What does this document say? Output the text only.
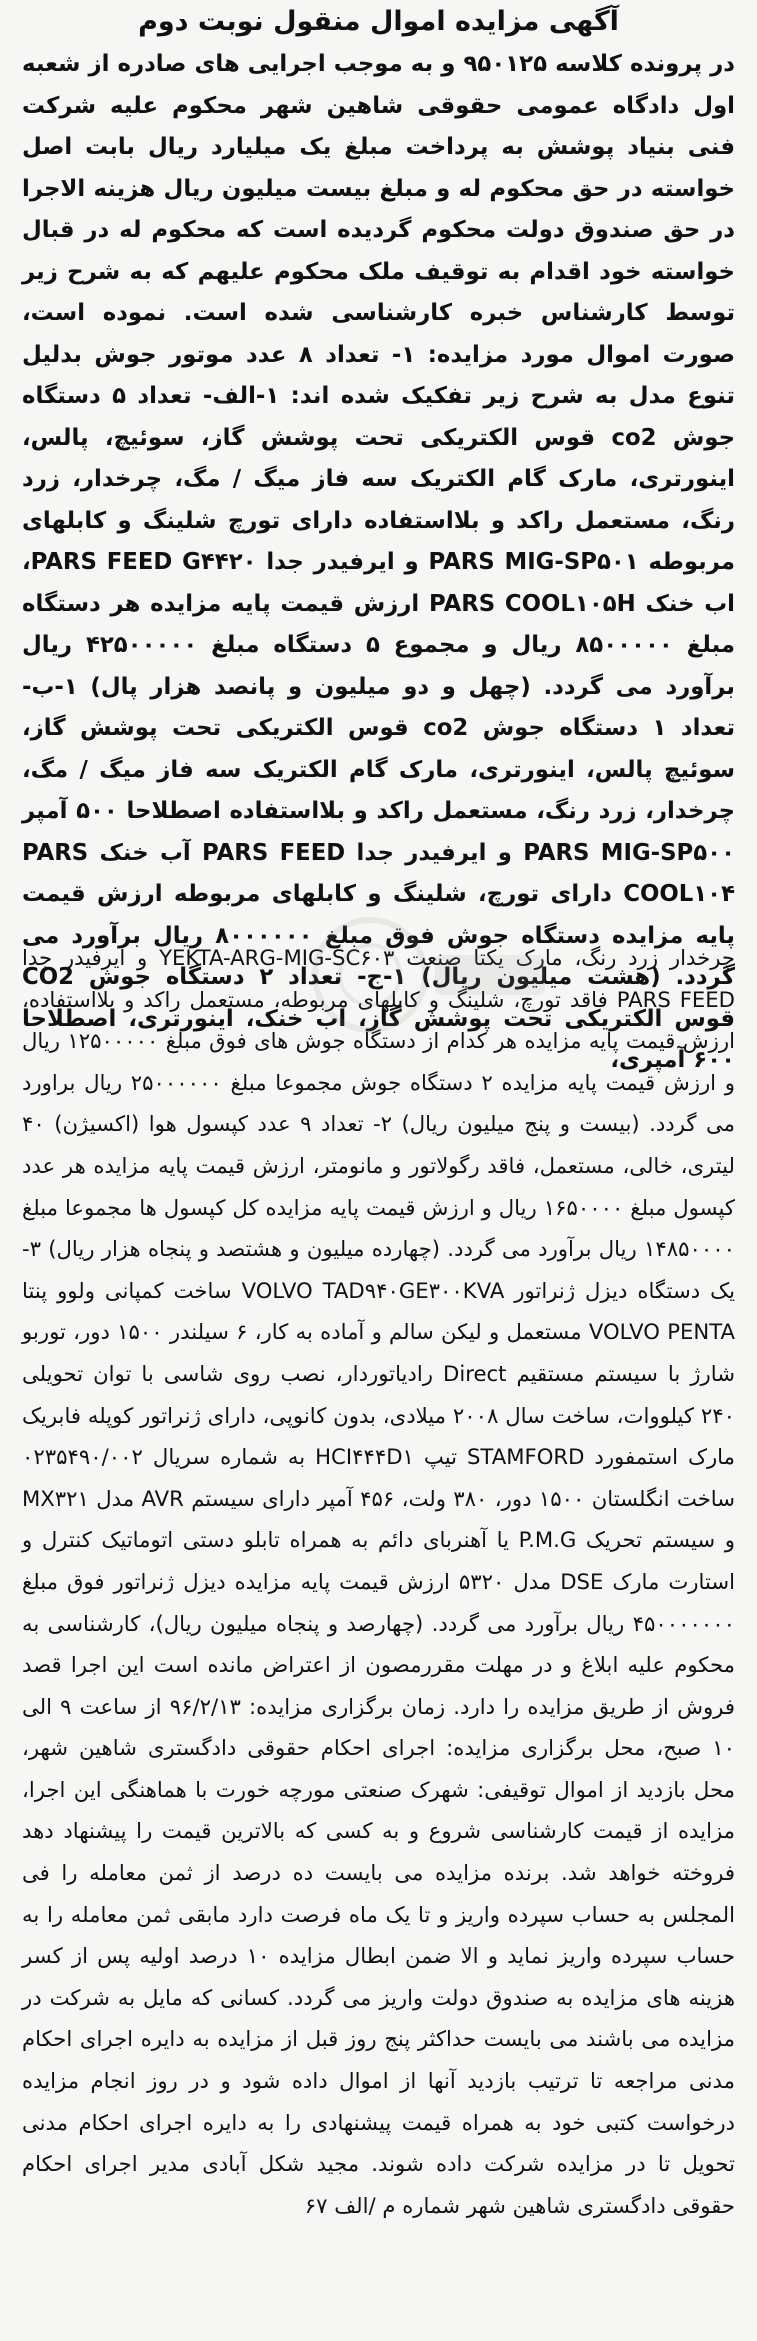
آگهی مزایده اموال منقول نوبت دوم

در پرونده کلاسه ۹۵۰۱۲۵ و به موجب اجرایی های صادره از شعبه اول دادگاه عمومی حقوقی شاهین شهر محکوم علیه شرکت فنی بنیاد پوشش به پرداخت مبلغ یک میلیارد ریال بابت اصل خواسته در حق محکوم له و مبلغ بیست میلیون ریال هزینه الاجرا در حق صندوق دولت محکوم گردیده است که محکوم له در قبال خواسته خود اقدام به توقیف ملک محکوم علیهم که به شرح زیر توسط کارشناس خبره کارشناسی شده است. نموده است، صورت اموال مورد مزایده: ۱- تعداد ۸ عدد موتور جوش بدلیل تنوع مدل به شرح زیر تفکیک شده اند: ۱-الف- تعداد ۵ دستگاه جوش co2 قوس الکتریکی تحت پوشش گاز، سوئیچ، پالس، اینورتری، مارک گام الکتریک سه فاز میگ / مگ، چرخدار، زرد رنگ، مستعمل راکد و بلااستفاده دارای تورچ شلینگ و کابلهای مربوطه PARS MIG-SP۵۰۱ و ایرفیدر جدا PARS FEED G۴۴۲۰، اب خنک PARS COOL۱۰۵H ارزش قیمت پایه مزایده هر دستگاه مبلغ ۸۵۰۰۰۰۰ ریال و مجموع ۵ دستگاه مبلغ ۴۲۵۰۰۰۰۰ ریال برآورد می گردد. (چهل و دو میلیون و پانصد هزار پال) ۱-ب- تعداد ۱ دستگاه جوش co2 قوس الکتریکی تحت پوشش گاز، سوئیچ پالس، اینورتری، مارک گام الکتریک سه فاز میگ / مگ، چرخدار، زرد رنگ، مستعمل راکد و بلااستفاده اصطلاحا ۵۰۰ آمپر PARS MIG-SP۵۰۰ و ایرفیدر جدا PARS FEED آب خنک PARS COOL۱۰۴ دارای تورچ، شلینگ و کابلهای مربوطه ارزش قیمت پایه مزایده دستگاه جوش فوق مبلغ ۸۰۰۰۰۰۰ ریال برآورد می گردد. (هشت میلیون ریال) ۱-ج- تعداد ۲ دستگاه جوش CO2 قوس الکتریکی تحت پوشش گاز، اب خنک، اینورتری، اصطلاحا ۶۰۰ آمپری،

چرخدار زرد رنگ، مارک یکتا صنعت YEKTA-ARG-MIG-SC۶۰۳ و ایرفیدر جدا PARS FEED فاقد تورچ، شلینگ و کابلهای مربوطه، مستعمل راکد و بلااستفاده، ارزش قیمت پایه مزایده هر کدام از دستگاه جوش های فوق مبلغ ۱۲۵۰۰۰۰۰ ریال و ارزش قیمت پایه مزایده ۲ دستگاه جوش مجموعا مبلغ ۲۵۰۰۰۰۰۰ ریال براورد می گردد. (بیست و پنج میلیون ریال) ۲- تعداد ۹ عدد کپسول هوا (اکسیژن) ۴۰ لیتری، خالی، مستعمل، فاقد رگولاتور و مانومتر، ارزش قیمت پایه مزایده هر عدد کپسول مبلغ ۱۶۵۰۰۰۰ ریال و ارزش قیمت پایه مزایده کل کپسول ها مجموعا مبلغ ۱۴۸۵۰۰۰۰ ریال برآورد می گردد. (چهارده میلیون و هشتصد و پنجاه هزار ریال) ۳- یک دستگاه دیزل ژنراتور VOLVO TAD۹۴۰GE۳۰۰KVA ساخت کمپانی ولوو پنتا VOLVO PENTA مستعمل و لیکن سالم و آماده به کار، ۶ سیلندر ۱۵۰۰ دور، توربو شارژ با سیستم مستقیم Direct رادیاتوردار، نصب روی شاسی با توان تحویلی ۲۴۰ کیلووات، ساخت سال ۲۰۰۸ میلادی، بدون کانوپی، دارای ژنراتور کوپله فابریک مارک استمفورد STAMFORD تیپ HCI۴۴۴D۱ به شماره سریال ۰۲۳۵۴۹۰/۰۰۲ ساخت انگلستان ۱۵۰۰ دور، ۳۸۰ ولت، ۴۵۶ آمپر دارای سیستم AVR مدل MX۳۲۱ و سیستم تحریک P.M.G یا آهنربای دائم به همراه تابلو دستی اتوماتیک کنترل و استارت مارک DSE مدل ۵۳۲۰ ارزش قیمت پایه مزایده دیزل ژنراتور فوق مبلغ ۴۵۰۰۰۰۰۰۰ ریال برآورد می گردد. (چهارصد و پنجاه میلیون ریال)، کارشناسی به محکوم علیه ابلاغ و در مهلت مقررمصون از اعتراض مانده است این اجرا قصد فروش از طریق مزایده را دارد. زمان برگزاری مزایده: ۹۶/۲/۱۳ از ساعت ۹ الی ۱۰ صبح، محل برگزاری مزایده: اجرای احکام حقوقی دادگستری شاهین شهر، محل بازدید از اموال توقیفی: شهرک صنعتی مورچه خورت با هماهنگی این اجرا، مزایده از قیمت کارشناسی شروع و به کسی که بالاترین قیمت را پیشنهاد دهد فروخته خواهد شد. برنده مزایده می بایست ده درصد از ثمن معامله را فی المجلس به حساب سپرده واریز و تا یک ماه فرصت دارد مابقی ثمن معامله را به حساب سپرده واریز نماید و الا ضمن ابطال مزایده ۱۰ درصد اولیه پس از کسر هزینه های مزایده به صندوق دولت واریز می گردد. کسانی که مایل به شرکت در مزایده می باشند می بایست حداکثر پنج روز قبل از مزایده به دایره اجرای احکام مدنی مراجعه تا ترتیب بازدید آنها از اموال داده شود و در روز انجام مزایده درخواست کتبی خود به همراه قیمت پیشنهادی را به دایره اجرای احکام مدنی تحویل تا در مزایده شرکت داده شوند. مجید شکل آبادی مدیر اجرای احکام حقوقی دادگستری شاهین شهر شماره م /الف ۶۷
